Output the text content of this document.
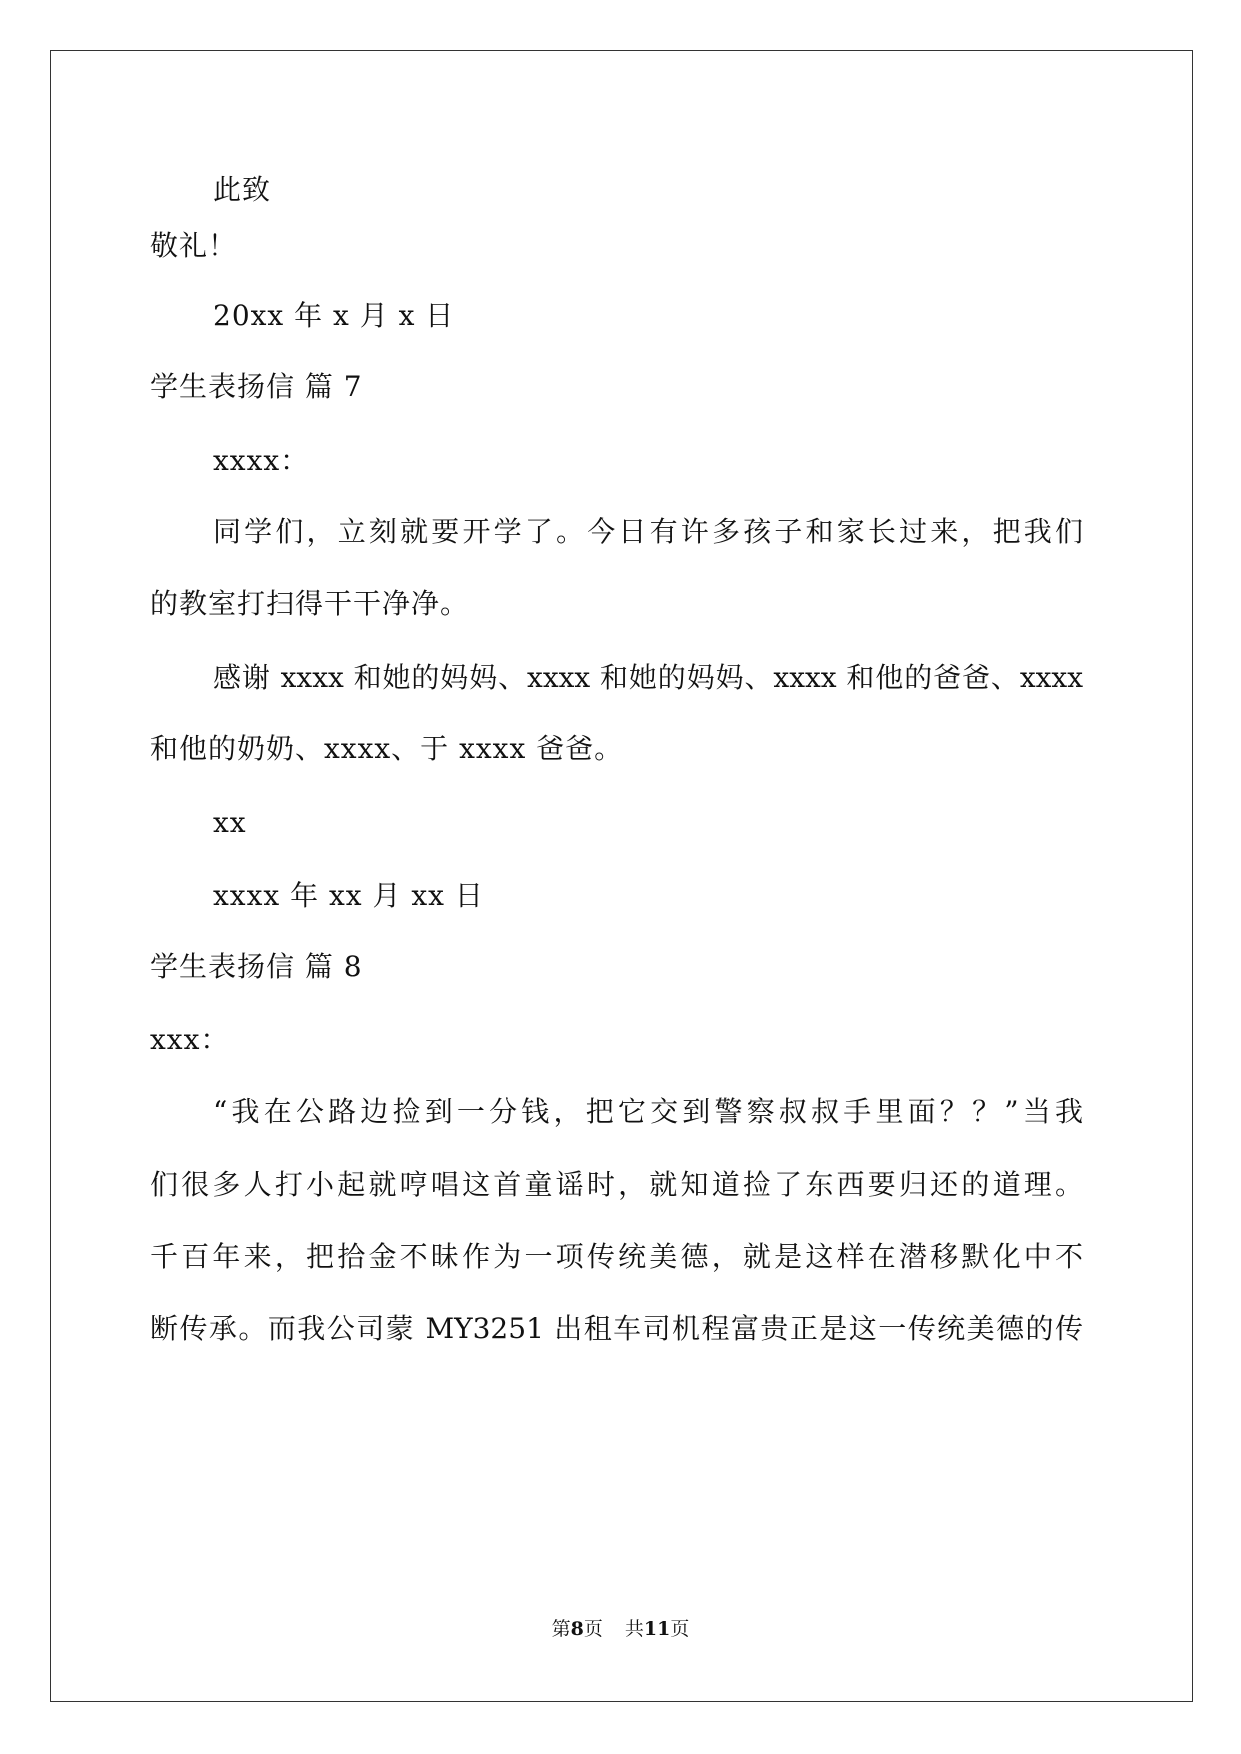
此致
敬礼！
20xx 年 x 月 x 日
学生表扬信 篇 7
xxxx：
同学们，立刻就要开学了。今日有许多孩子和家长过来，把我们
的教室打扫得干干净净。
感谢 xxxx 和她的妈妈、xxxx 和她的妈妈、xxxx 和他的爸爸、xxxx
和他的奶奶、xxxx、于 xxxx 爸爸。
xx
xxxx 年 xx 月 xx 日
学生表扬信 篇 8
xxx：
“我在公路边捡到一分钱，把它交到警察叔叔手里面？？”当我
们很多人打小起就哼唱这首童谣时，就知道捡了东西要归还的道理。
千百年来，把拾金不昧作为一项传统美德，就是这样在潜移默化中不
断传承。而我公司蒙 MY3251 出租车司机程富贵正是这一传统美德的传
第8页 共11页
